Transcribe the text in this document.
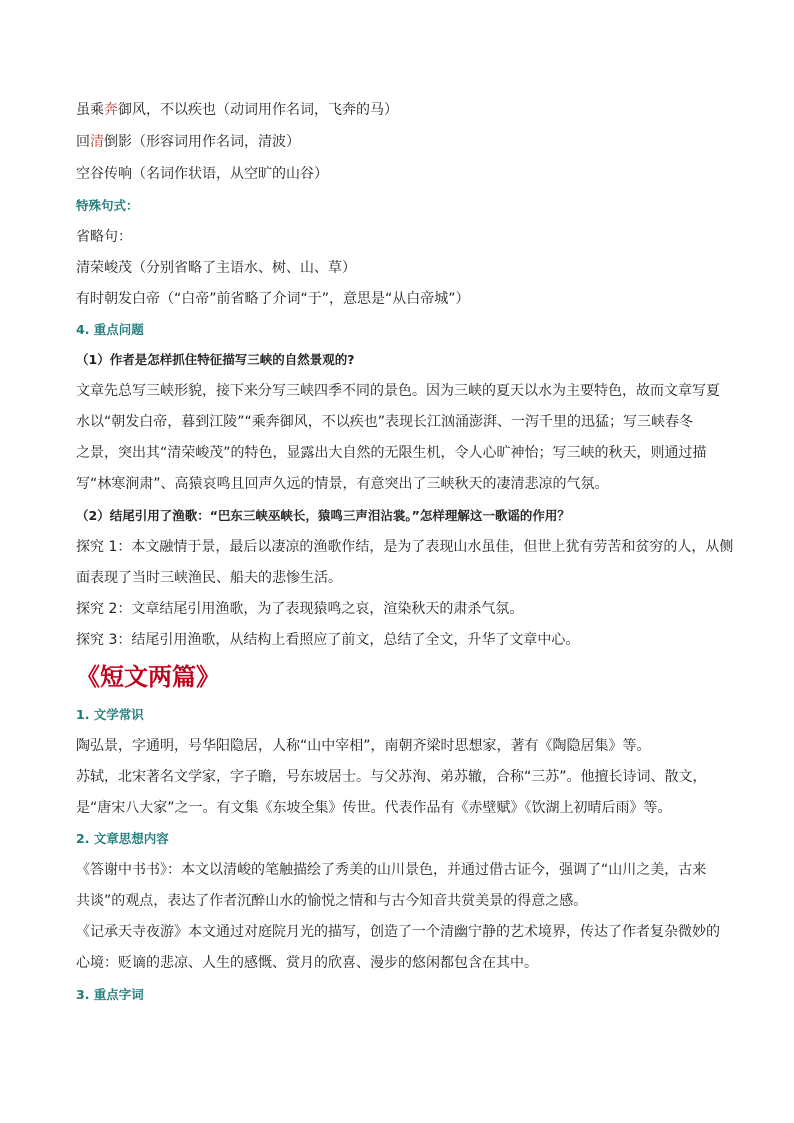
虽乘奔御风，不以疾也（动词用作名词，飞奔的马）
回清倒影（形容词用作名词，清波）
空谷传响（名词作状语，从空旷的山谷）
特殊句式：
省略句：
清荣峻茂（分别省略了主语水、树、山、草）
有时朝发白帝（“白帝”前省略了介词“于”，意思是“从白帝城”）
4. 重点问题
（1）作者是怎样抓住特征描写三峡的自然景观的?
文章先总写三峡形貌，接下来分写三峡四季不同的景色。因为三峡的夏天以水为主要特色，故而文章写夏
水以“朝发白帝，暮到江陵”“乘奔御风，不以疾也”表现长江汹涌澎湃、一泻千里的迅猛；写三峡春冬
之景，突出其“清荣峻茂”的特色，显露出大自然的无限生机，令人心旷神怡；写三峡的秋天，则通过描
写“林寒涧肃”、高猿哀鸣且回声久远的情景，有意突出了三峡秋天的凄清悲凉的气氛。
（2）结尾引用了渔歌：“巴东三峡巫峡长，猿鸣三声泪沾裳。”怎样理解这一歌谣的作用？
探究 1：本文融情于景，最后以凄凉的渔歌作结，是为了表现山水虽佳，但世上犹有劳苦和贫穷的人，从侧
面表现了当时三峡渔民、船夫的悲惨生活。
探究 2：文章结尾引用渔歌，为了表现猿鸣之哀，渲染秋天的肃杀气氛。
探究 3：结尾引用渔歌，从结构上看照应了前文，总结了全文，升华了文章中心。
《短文两篇》
1. 文学常识
陶弘景，字通明，号华阳隐居，人称“山中宰相”，南朝齐梁时思想家，著有《陶隐居集》等。
苏轼，北宋著名文学家，字子瞻，号东坡居士。与父苏洵、弟苏辙，合称“三苏”。他擅长诗词、散文，
是“唐宋八大家”之一。有文集《东坡全集》传世。代表作品有《赤壁赋》《饮湖上初晴后雨》等。
2. 文章思想内容
《答谢中书书》：本文以清峻的笔触描绘了秀美的山川景色，并通过借古证今，强调了“山川之美，古来
共谈”的观点，表达了作者沉醉山水的愉悦之情和与古今知音共赏美景的得意之感。
《记承天寺夜游》本文通过对庭院月光的描写，创造了一个清幽宁静的艺术境界，传达了作者复杂微妙的
心境：贬谪的悲凉、人生的感慨、赏月的欣喜、漫步的悠闲都包含在其中。
3. 重点字词
